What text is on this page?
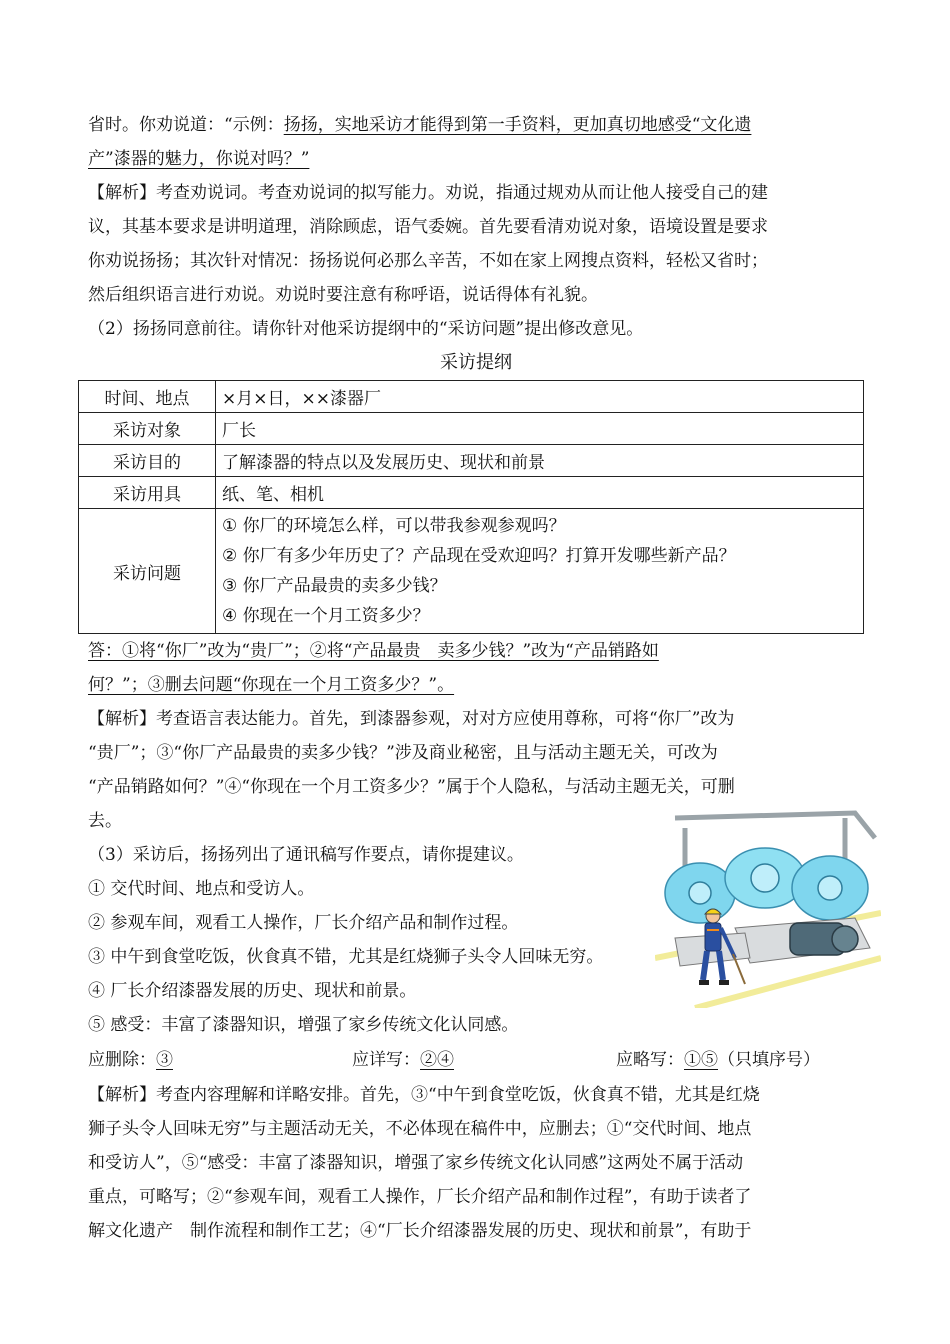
省时。你劝说道：“示例：扬扬，实地采访才能得到第一手资料，更加真切地感受“文化遗
产”漆器的魅力，你说对吗？”
【解析】考查劝说词。考查劝说词的拟写能力。劝说，指通过规劝从而让他人接受自己的建
议，其基本要求是讲明道理，消除顾虑，语气委婉。首先要看清劝说对象，语境设置是要求
你劝说扬扬；其次针对情况：扬扬说何必那么辛苦，不如在家上网搜点资料，轻松又省时；
然后组织语言进行劝说。劝说时要注意有称呼语，说话得体有礼貌。
（2）扬扬同意前往。请你针对他采访提纲中的“采访问题”提出修改意见。
采访提纲
时间、地点	×月×日，××漆器厂
采访对象	厂长
采访目的	了解漆器的特点以及发展历史、现状和前景
采访用具	纸、笔、相机
采访问题	① 你厂的环境怎么样，可以带我参观参观吗？
② 你厂有多少年历史了？产品现在受欢迎吗？打算开发哪些新产品？
③ 你厂产品最贵的卖多少钱？
④ 你现在一个月工资多少？
答：①将“你厂”改为“贵厂”；②将“产品最贵　卖多少钱？”改为“产品销路如
何？”；③删去问题“你现在一个月工资多少？”。
【解析】考查语言表达能力。首先，到漆器参观，对对方应使用尊称，可将“你厂”改为
“贵厂”；③“你厂产品最贵的卖多少钱？”涉及商业秘密，且与活动主题无关，可改为
“产品销路如何？”④“你现在一个月工资多少？”属于个人隐私，与活动主题无关，可删
去。
（3）采访后，扬扬列出了通讯稿写作要点，请你提建议。
① 交代时间、地点和受访人。
② 参观车间，观看工人操作，厂长介绍产品和制作过程。
③ 中午到食堂吃饭，伙食真不错，尤其是红烧狮子头令人回味无穷。
④ 厂长介绍漆器发展的历史、现状和前景。
⑤ 感受：丰富了漆器知识，增强了家乡传统文化认同感。
应删除：③	应详写：②④	应略写：①⑤（只填序号）
【解析】考查内容理解和详略安排。首先，③“中午到食堂吃饭，伙食真不错，尤其是红烧
狮子头令人回味无穷”与主题活动无关，不必体现在稿件中，应删去；①“交代时间、地点
和受访人”，⑤“感受：丰富了漆器知识，增强了家乡传统文化认同感”这两处不属于活动
重点，可略写；②“参观车间，观看工人操作，厂长介绍产品和制作过程”，有助于读者了
解文化遗产　制作流程和制作工艺；④“厂长介绍漆器发展的历史、现状和前景”，有助于
